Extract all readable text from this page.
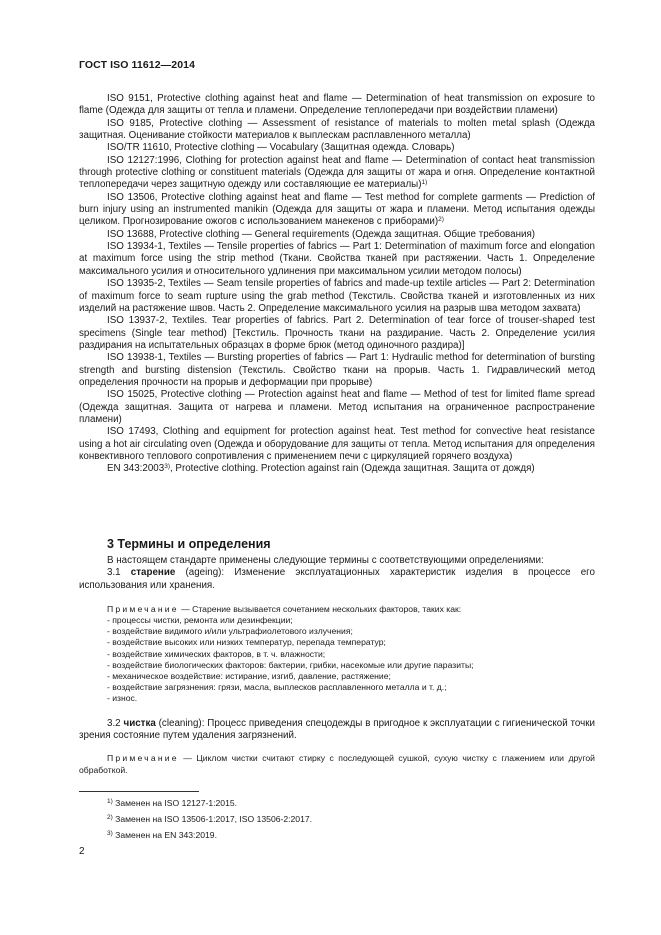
ГОСТ ISO 11612—2014

ISO 9151, Protective clothing against heat and flame — Determination of heat transmission on exposure to flame (Одежда для защиты от тепла и пламени. Определение теплопередачи при воздействии пламени)

ISO 9185, Protective clothing — Assessment of resistance of materials to molten metal splash (Одежда защитная. Оценивание стойкости материалов к выплескам расплавленного металла)

ISO/TR 11610, Protective clothing — Vocabulary (Защитная одежда. Словарь)

ISO 12127:1996, Clothing for protection against heat and flame — Determination of contact heat transmission through protective clothing or constituent materials (Одежда для защиты от жара и огня. Определение контактной теплопередачи через защитную одежду или составляющие ее материалы)$^{1)}$

ISO 13506, Protective clothing against heat and flame — Test method for complete garments — Prediction of burn injury using an instrumented manikin (Одежда для защиты от жара и пламени. Метод испытания одежды целиком. Прогнозирование ожогов с использованием манекенов с приборами)$^{2)}$

ISO 13688, Protective clothing — General requirements (Одежда защитная. Общие требования)

ISO 13934-1, Textiles — Tensile properties of fabrics — Part 1: Determination of maximum force and elongation at maximum force using the strip method (Ткани. Свойства тканей при растяжении. Часть 1. Определение максимального усилия и относительного удлинения при максимальном усилии методом полосы)

ISO 13935-2, Textiles — Seam tensile properties of fabrics and made-up textile articles — Part 2: Determination of maximum force to seam rupture using the grab method (Текстиль. Свойства тканей и изготовленных из них изделий на растяжение швов. Часть 2. Определение максимального усилия на разрыв шва методом захвата)

ISO 13937-2, Textiles. Tear properties of fabrics. Part 2. Determination of tear force of trouser-shaped test specimens (Single tear method) [Текстиль. Прочность ткани на раздирание. Часть 2. Определение усилия раздирания на испытательных образцах в форме брюк (метод одиночного раздира)]

ISO 13938-1, Textiles — Bursting properties of fabrics — Part 1: Hydraulic method for determination of bursting strength and bursting distension (Текстиль. Свойство ткани на прорыв. Часть 1. Гидравлический метод определения прочности на прорыв и деформации при прорыве)

ISO 15025, Protective clothing — Protection against heat and flame — Method of test for limited flame spread (Одежда защитная. Защита от нагрева и пламени. Метод испытания на ограниченное распространение пламени)

ISO 17493, Clothing and equipment for protection against heat. Test method for convective heat resistance using a hot air circulating oven (Одежда и оборудование для защиты от тепла. Метод испытания для определения конвективного теплового сопротивления с применением печи с циркуляцией горячего воздуха)

EN 343:2003$^{3)}$, Protective clothing. Protection against rain (Одежда защитная. Защита от дождя)

3 Термины и определения

В настоящем стандарте применены следующие термины с соответствующими определениями:

3.1 старение (ageing): Изменение эксплуатационных характеристик изделия в процессе его использования или хранения.

Примечание — Старение вызывается сочетанием нескольких факторов, таких как:

- процессы чистки, ремонта или дезинфекции;

- воздействие видимого и/или ультрафиолетового излучения;

- воздействие высоких или низких температур, перепада температур;

- воздействие химических факторов, в т. ч. влажности;

- воздействие биологических факторов: бактерии, грибки, насекомые или другие паразиты;

- механическое воздействие: истирание, изгиб, давление, растяжение;

- воздействие загрязнения: грязи, масла, выплесков расплавленного металла и т. д.;

- износ.

3.2 чистка (cleaning): Процесс приведения спецодежды в пригодное к эксплуатации с гигиенической точки зрения состояние путем удаления загрязнений.

Примечание — Циклом чистки считают стирку с последующей сушкой, сухую чистку с глажением или другой обработкой.

$^{1)}$ Заменен на ISO 12127-1:2015.

$^{2)}$ Заменен на ISO 13506-1:2017, ISO 13506-2:2017.

$^{3)}$ Заменен на EN 343:2019.

2
